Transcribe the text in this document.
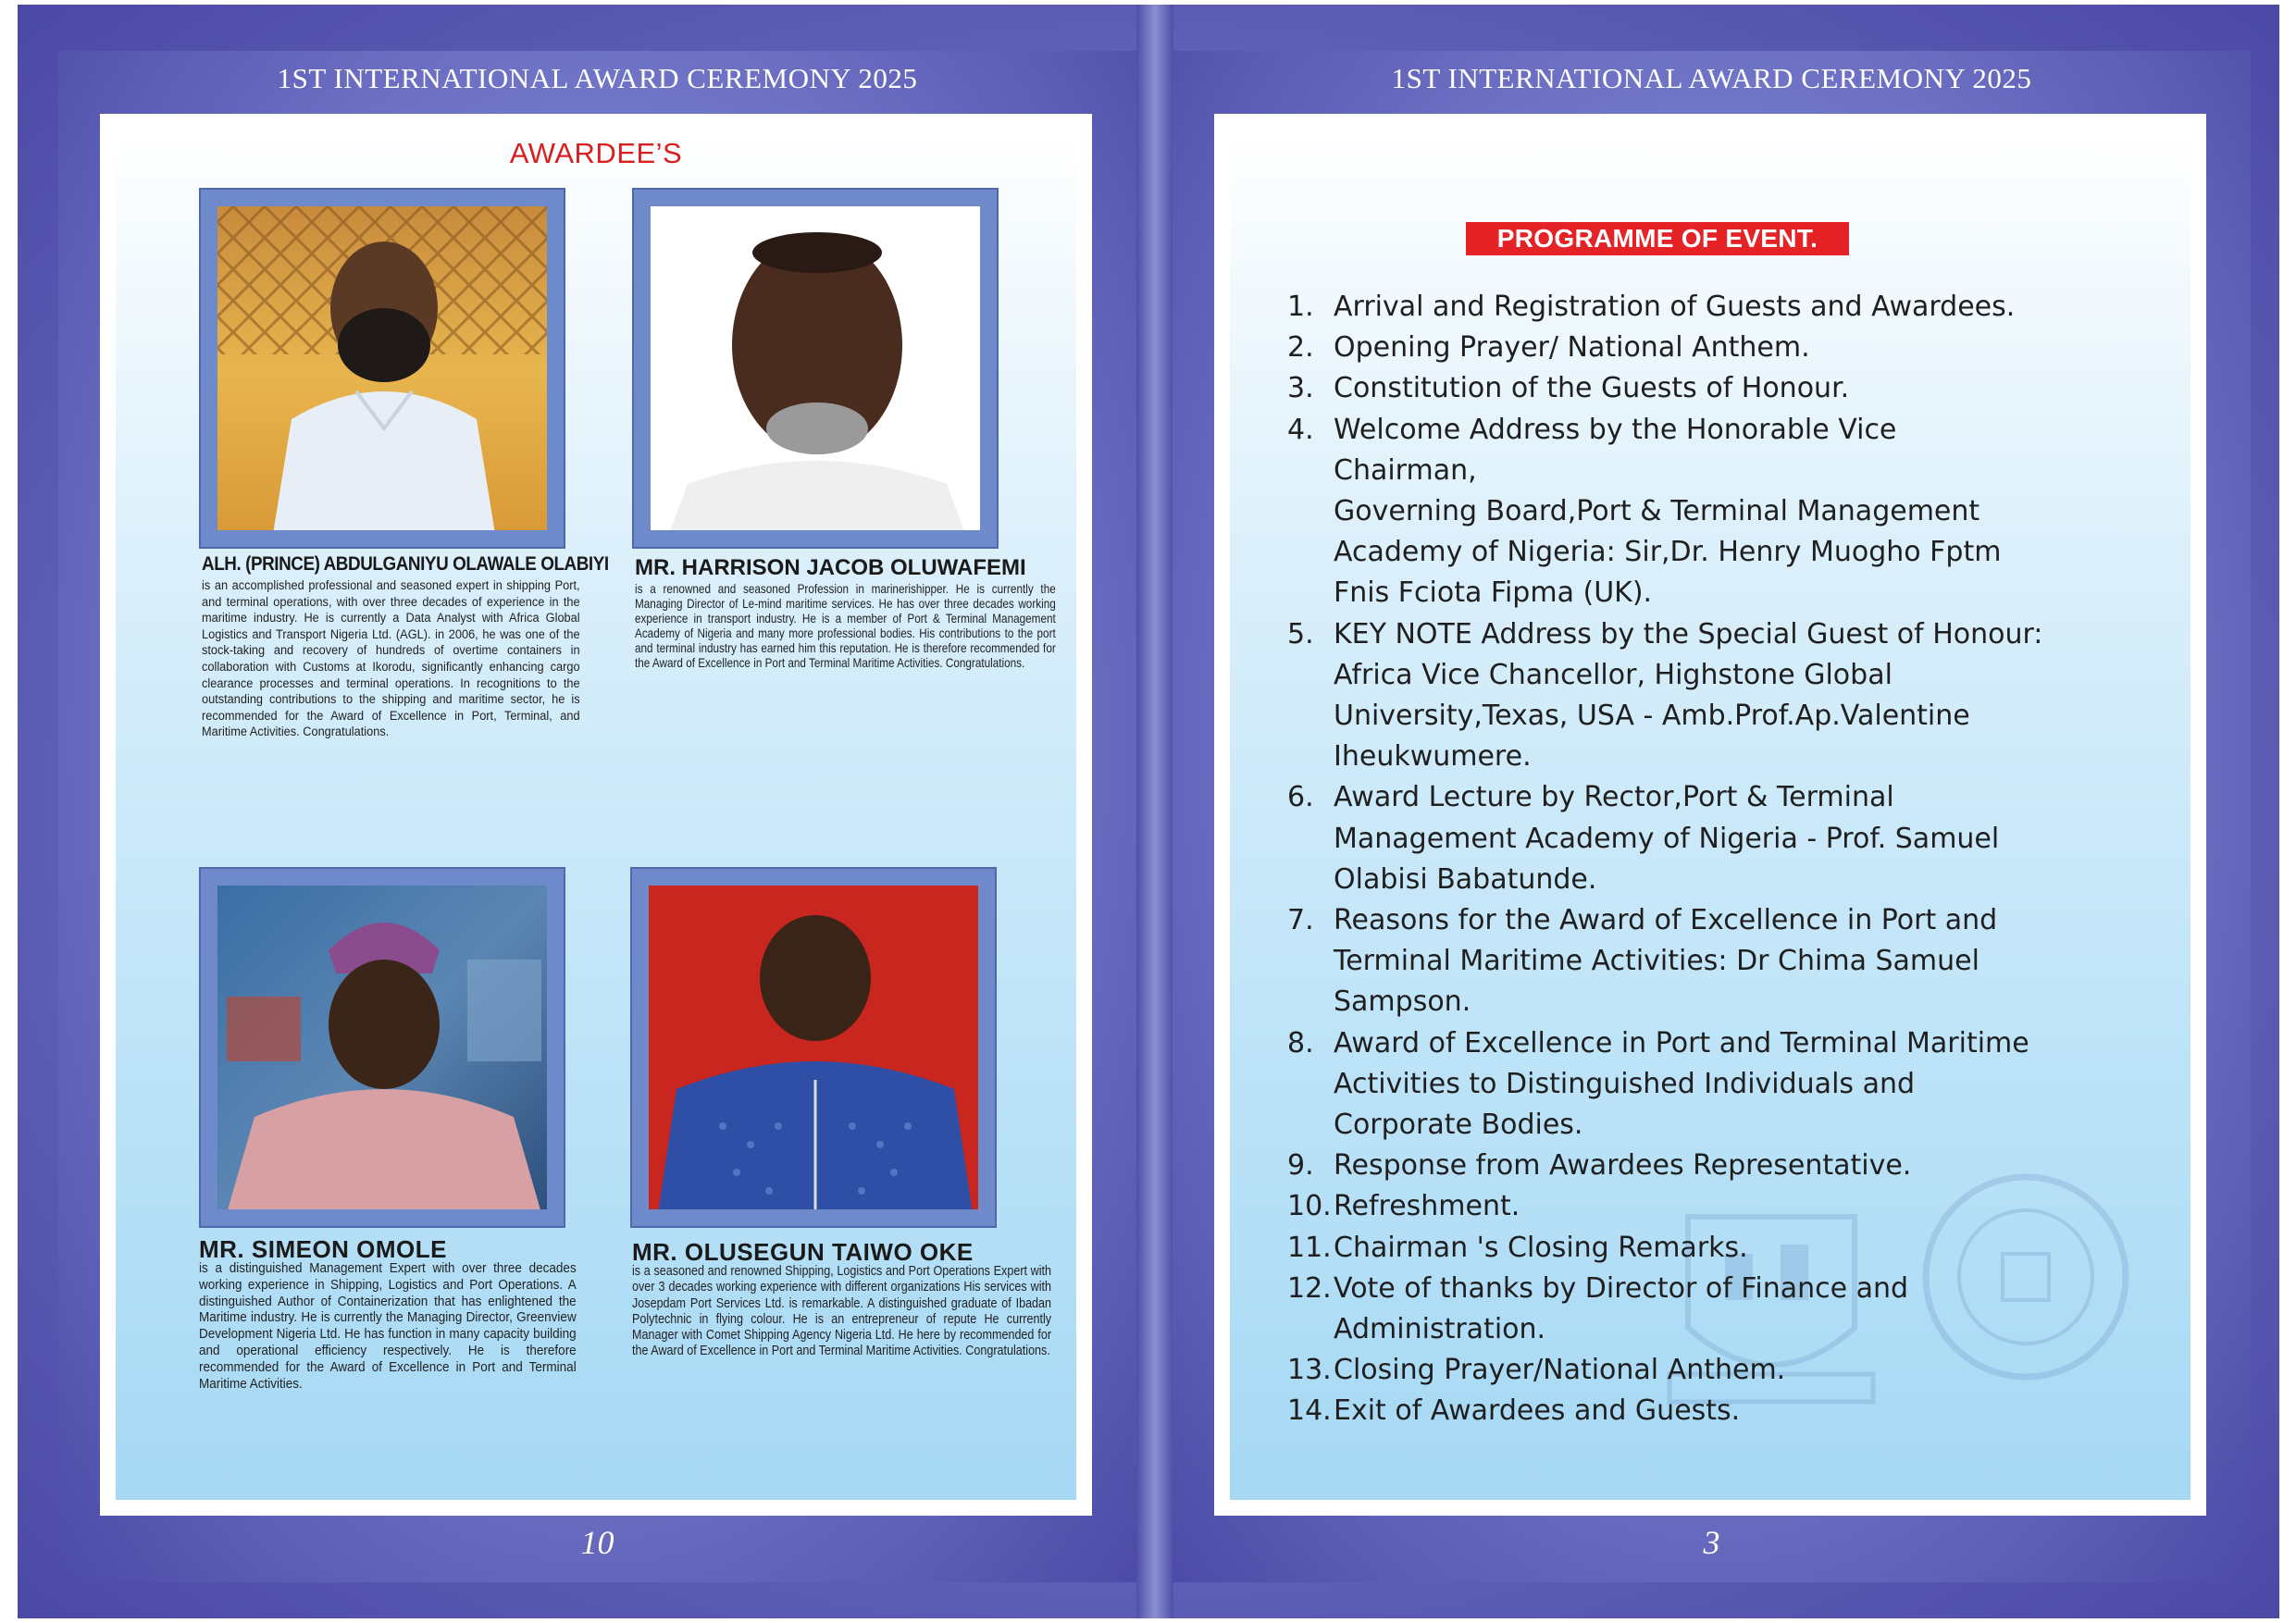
1ST INTERNATIONAL AWARD CEREMONY 2025
AWARDEE’S
ALH. (PRINCE) ABDULGANIYU OLAWALE OLABIYI
is an accomplished professional and seasoned expert in shipping Port, and terminal operations, with over three decades of experience in the maritime industry. He is currently a Data Analyst with Africa Global Logistics and Transport Nigeria Ltd. (AGL). in 2006, he was one of the stock-taking and recovery of hundreds of overtime containers in collaboration with Customs at Ikorodu, significantly enhancing cargo clearance processes and terminal operations. In recognitions to the outstanding contributions to the shipping and maritime sector, he is recommended for the Award of Excellence in Port, Terminal, and Maritime Activities. Congratulations.
MR. HARRISON JACOB OLUWAFEMI
is a renowned and seasoned Profession in marinerishipper. He is currently the Managing Director of Le-mind maritime services. He has over three decades working experience in transport industry. He is a member of Port & Terminal Management Academy of Nigeria and many more professional bodies. His contributions to the port and terminal industry has earned him this reputation. He is therefore recommended for the Award of Excellence in Port and Terminal Maritime Activities. Congratulations.
MR. SIMEON OMOLE
is a distinguished Management Expert with over three decades working experience in Shipping, Logistics and Port Operations. A distinguished Author of Containerization that has enlightened the Maritime industry. He is currently the Managing Director, Greenview Development Nigeria Ltd. He has function in many capacity building and operational efficiency respectively. He is therefore recommended for the Award of Excellence in Port and Terminal Maritime Activities.
MR. OLUSEGUN TAIWO OKE
is a seasoned and renowned Shipping, Logistics and Port Operations Expert with over 3 decades working experience with different organizations His services with Josepdam Port Services Ltd. is remarkable. A distinguished graduate of Ibadan Polytechnic in flying colour. He is an entrepreneur of repute He currently Manager with Comet Shipping Agency Nigeria Ltd. He here by recommended for the Award of Excellence in Port and Terminal Maritime Activities. Congratulations.
10
1ST INTERNATIONAL AWARD CEREMONY 2025
PROGRAMME OF EVENT.
1. Arrival and Registration of Guests and Awardees.
2. Opening Prayer/ National Anthem.
3. Constitution of the Guests of Honour.
4. Welcome Address by the Honorable Vice Chairman,
Governing Board,Port & Terminal Management
Academy of Nigeria: Sir,Dr. Henry Muogho Fptm
Fnis Fciota Fipma (UK).
5. KEY NOTE Address by the Special Guest of Honour:
Africa Vice Chancellor, Highstone Global
University,Texas, USA - Amb.Prof.Ap.Valentine
Iheukwumere.
6. Award Lecture by Rector,Port & Terminal
Management Academy of Nigeria - Prof. Samuel
Olabisi Babatunde.
7. Reasons for the Award of Excellence in Port and
Terminal Maritime Activities: Dr Chima Samuel
Sampson.
8. Award of Excellence in Port and Terminal Maritime
Activities to Distinguished Individuals and
Corporate Bodies.
9. Response from Awardees Representative.
10. Refreshment.
11. Chairman 's Closing Remarks.
12. Vote of thanks by Director of Finance and
Administration.
13. Closing Prayer/National Anthem.
14. Exit of Awardees and Guests.
3
